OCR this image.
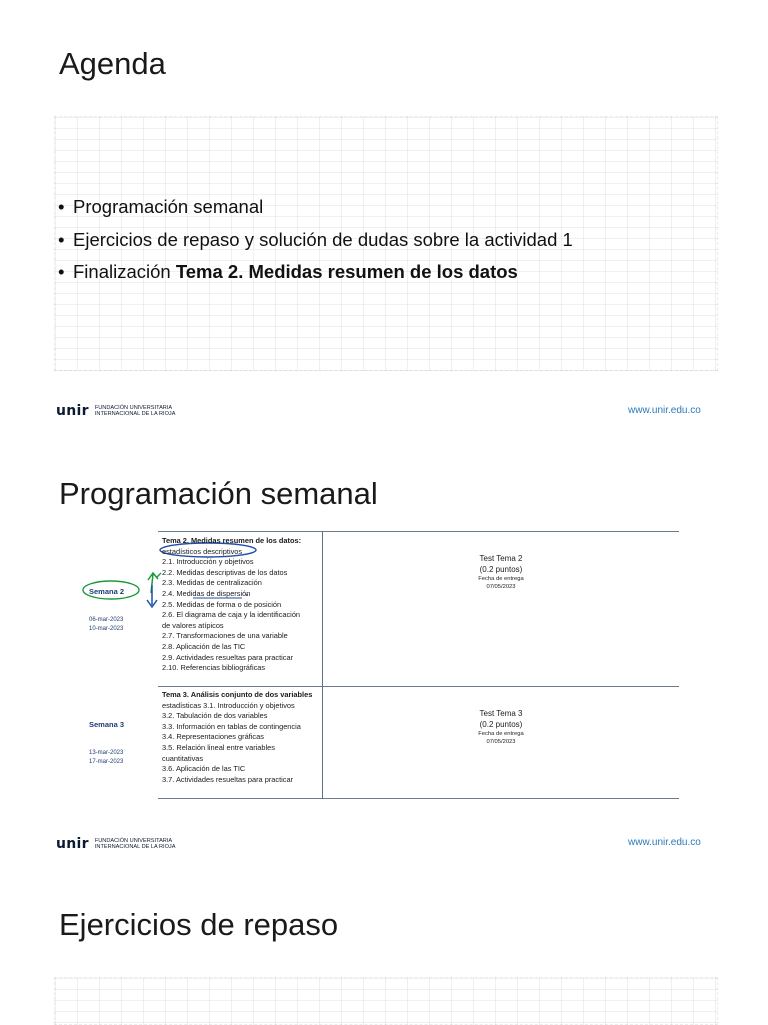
Agenda
• Programación semanal
• Ejercicios de repaso y solución de dudas sobre la actividad 1
• Finalización Tema 2. Medidas resumen de los datos
unir FUNDACIÓN UNIVERSITARIA
INTERNACIONAL DE LA RIOJA	www.unir.edu.co
Programación semanal
Semana 2
06-mar-2023
10-mar-2023
Semana 3
13-mar-2023
17-mar-2023
Tema 2. Medidas resumen de los datos:
estadísticos descriptivos
2.1. Introducción y objetivos
2.2. Medidas descriptivas de los datos
2.3. Medidas de centralización
2.4. Medidas de dispersión
2.5. Medidas de forma o de posición
2.6. El diagrama de caja y la identificación
de valores atípicos
2.7. Transformaciones de una variable
2.8. Aplicación de las TIC
2.9. Actividades resueltas para practicar
2.10. Referencias bibliográficas
Test Tema 2
(0.2 puntos)
Fecha de entrega
07/05/2023
Tema 3. Análisis conjunto de dos variables
estadísticas 3.1. Introducción y objetivos
3.2. Tabulación de dos variables
3.3. Información en tablas de contingencia
3.4. Representaciones gráficas
3.5. Relación lineal entre variables
cuantitativas
3.6. Aplicación de las TIC
3.7. Actividades resueltas para practicar
Test Tema 3
(0.2 puntos)
Fecha de entrega
07/05/2023
unir FUNDACIÓN UNIVERSITARIA
INTERNACIONAL DE LA RIOJA	www.unir.edu.co
Ejercicios de repaso
